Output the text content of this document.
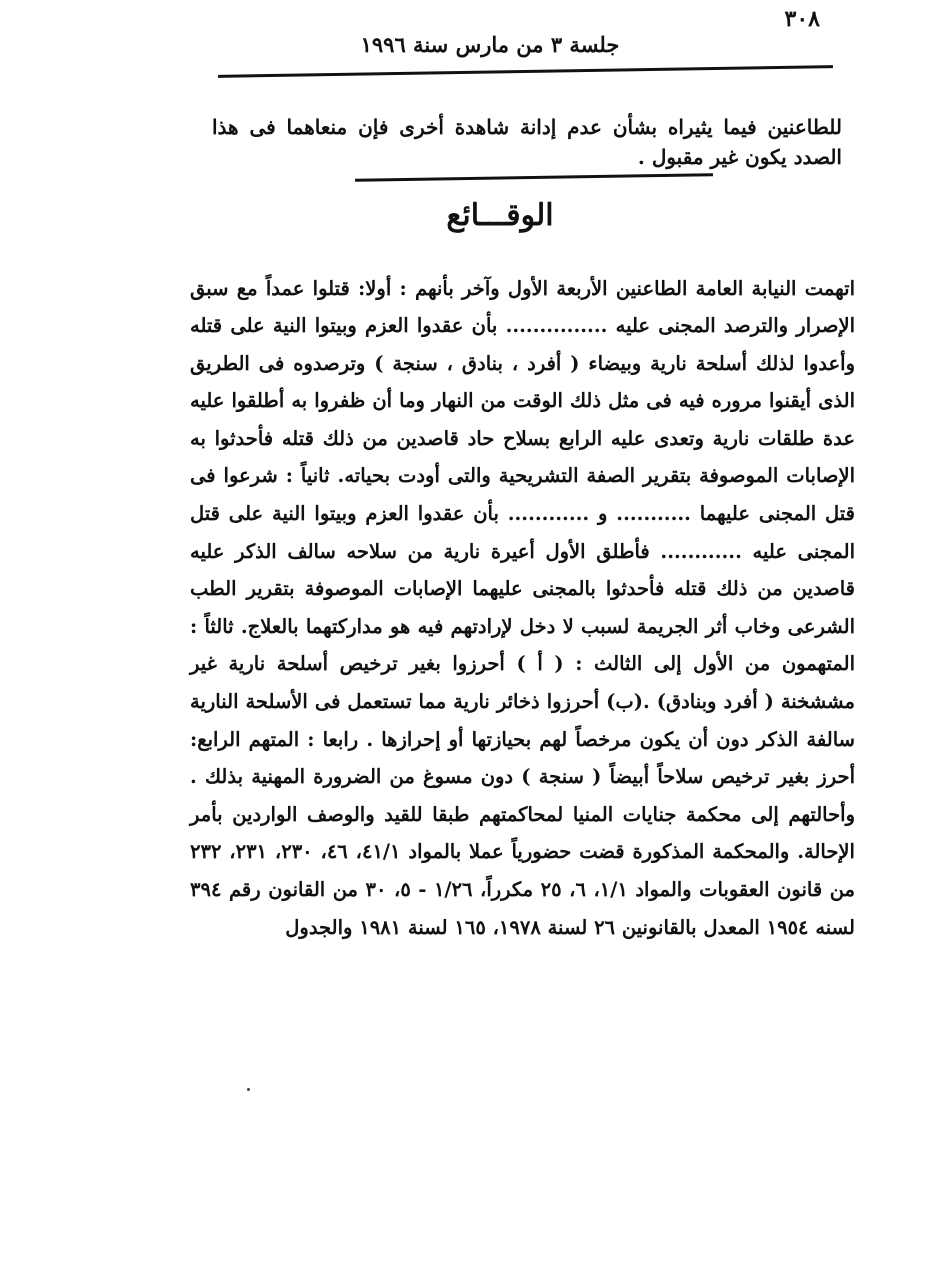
٣٠٨
جلسة ٣ من مارس سنة ١٩٩٦

للطاعنين فيما يثيراه بشأن عدم إدانة شاهدة أخرى فإن منعاهما فى هذا الصدد يكون غير مقبول .

الوقـــائع

اتهمت النيابة العامة الطاعنين الأربعة الأول وآخر بأنهم : أولا: قتلوا عمداً مع سبق الإصرار والترصد المجنى عليه ............... بأن عقدوا العزم وبيتوا النية على قتله وأعدوا لذلك أسلحة نارية وبيضاء ( أفرد ، بنادق ، سنجة ) وترصدوه فى الطريق الذى أيقنوا مروره فيه فى مثل ذلك الوقت من النهار وما أن ظفروا به أطلقوا عليه عدة طلقات نارية وتعدى عليه الرابع بسلاح حاد قاصدين من ذلك قتله فأحدثوا به الإصابات الموصوفة بتقرير الصفة التشريحية والتى أودت بحياته. ثانياً : شرعوا فى قتل المجنى عليهما ........... و ............ بأن عقدوا العزم وبيتوا النية على قتل المجنى عليه ............ فأطلق الأول أعيرة نارية من سلاحه سالف الذكر عليه قاصدين من ذلك قتله فأحدثوا بالمجنى عليهما الإصابات الموصوفة بتقرير الطب الشرعى وخاب أثر الجريمة لسبب لا دخل لإرادتهم فيه هو مداركتهما بالعلاج. ثالثاً : المتهمون من الأول إلى الثالث : ( أ ) أحرزوا بغير ترخيص أسلحة نارية غير مششخنة ( أفرد وبنادق) .(ب) أحرزوا ذخائر نارية مما تستعمل فى الأسلحة النارية سالفة الذكر دون أن يكون مرخصاً لهم بحيازتها أو إحرازها . رابعا : المتهم الرابع: أحرز بغير ترخيص سلاحاً أبيضاً ( سنجة ) دون مسوغ من الضرورة المهنية بذلك . وأحالتهم إلى محكمة جنايات المنيا لمحاكمتهم طبقا للقيد والوصف الواردين بأمر الإحالة. والمحكمة المذكورة قضت حضورياً عملا بالمواد ٤١/١، ٤٦، ٢٣٠، ٢٣١، ٢٣٢ من قانون العقوبات والمواد ١/١، ٦، ٢٥ مكرراً، ١/٢٦ - ٥، ٣٠ من القانون رقم ٣٩٤ لسنه ١٩٥٤ المعدل بالقانونين ٢٦ لسنة ١٩٧٨، ١٦٥ لسنة ١٩٨١ والجدول
